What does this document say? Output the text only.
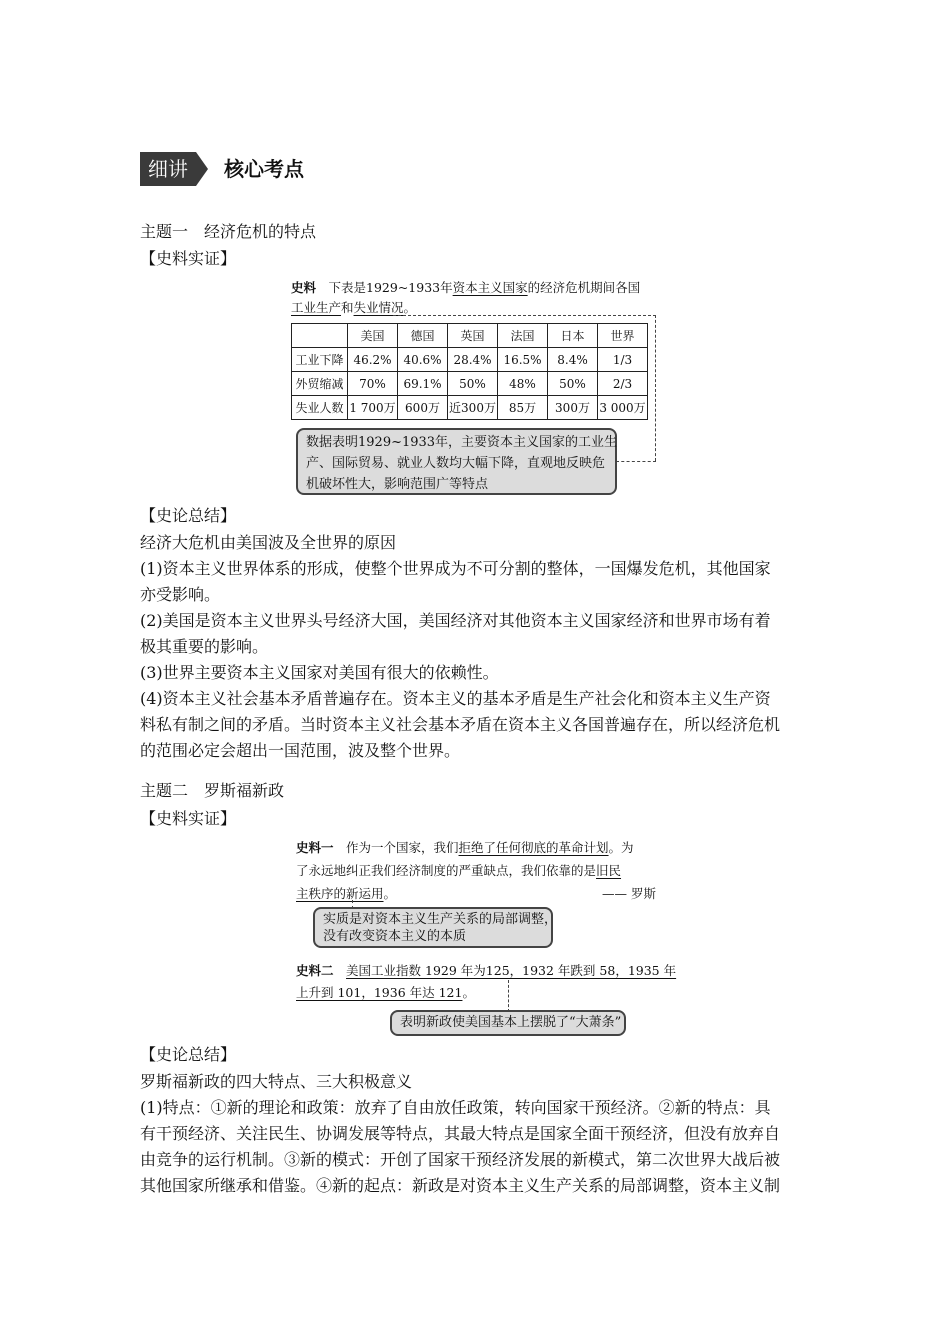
细讲	核心考点
主题一　经济危机的特点
【史料实证】
史料　下表是1929~1933年资本主义国家的经济危机期间各国
工业生产和失业情况。
	美国	德国	英国	法国	日本	世界
工业下降	46.2%	40.6%	28.4%	16.5%	8.4%	1/3
外贸缩减	70%	69.1%	50%	48%	50%	2/3
失业人数	1 700万	600万	近300万	85万	300万	3 000万
数据表明1929~1933年，主要资本主义国家的工业生
产、国际贸易、就业人数均大幅下降，直观地反映危
机破坏性大，影响范围广等特点
【史论总结】
经济大危机由美国波及全世界的原因
(1)资本主义世界体系的形成，使整个世界成为不可分割的整体，一国爆发危机，其他国家
亦受影响。
(2)美国是资本主义世界头号经济大国，美国经济对其他资本主义国家经济和世界市场有着
极其重要的影响。
(3)世界主要资本主义国家对美国有很大的依赖性。
(4)资本主义社会基本矛盾普遍存在。资本主义的基本矛盾是生产社会化和资本主义生产资
料私有制之间的矛盾。当时资本主义社会基本矛盾在资本主义各国普遍存在，所以经济危机
的范围必定会超出一国范围，波及整个世界。
主题二　罗斯福新政
【史料实证】
史料一　作为一个国家，我们拒绝了任何彻底的革命计划。为
了永远地纠正我们经济制度的严重缺点，我们依靠的是旧民
主秩序的新运用。	—— 罗斯
实质是对资本主义生产关系的局部调整，
没有改变资本主义的本质
史料二　 美国工业指数 1929 年为125，1932 年跌到 58，1935 年
上升到 101，1936 年达 121。
表明新政使美国基本上摆脱了“大萧条”
【史论总结】
罗斯福新政的四大特点、三大积极意义
(1)特点：①新的理论和政策：放弃了自由放任政策，转向国家干预经济。②新的特点：具
有干预经济、关注民生、协调发展等特点，其最大特点是国家全面干预经济，但没有放弃自
由竞争的运行机制。③新的模式：开创了国家干预经济发展的新模式，第二次世界大战后被
其他国家所继承和借鉴。④新的起点：新政是对资本主义生产关系的局部调整，资本主义制
